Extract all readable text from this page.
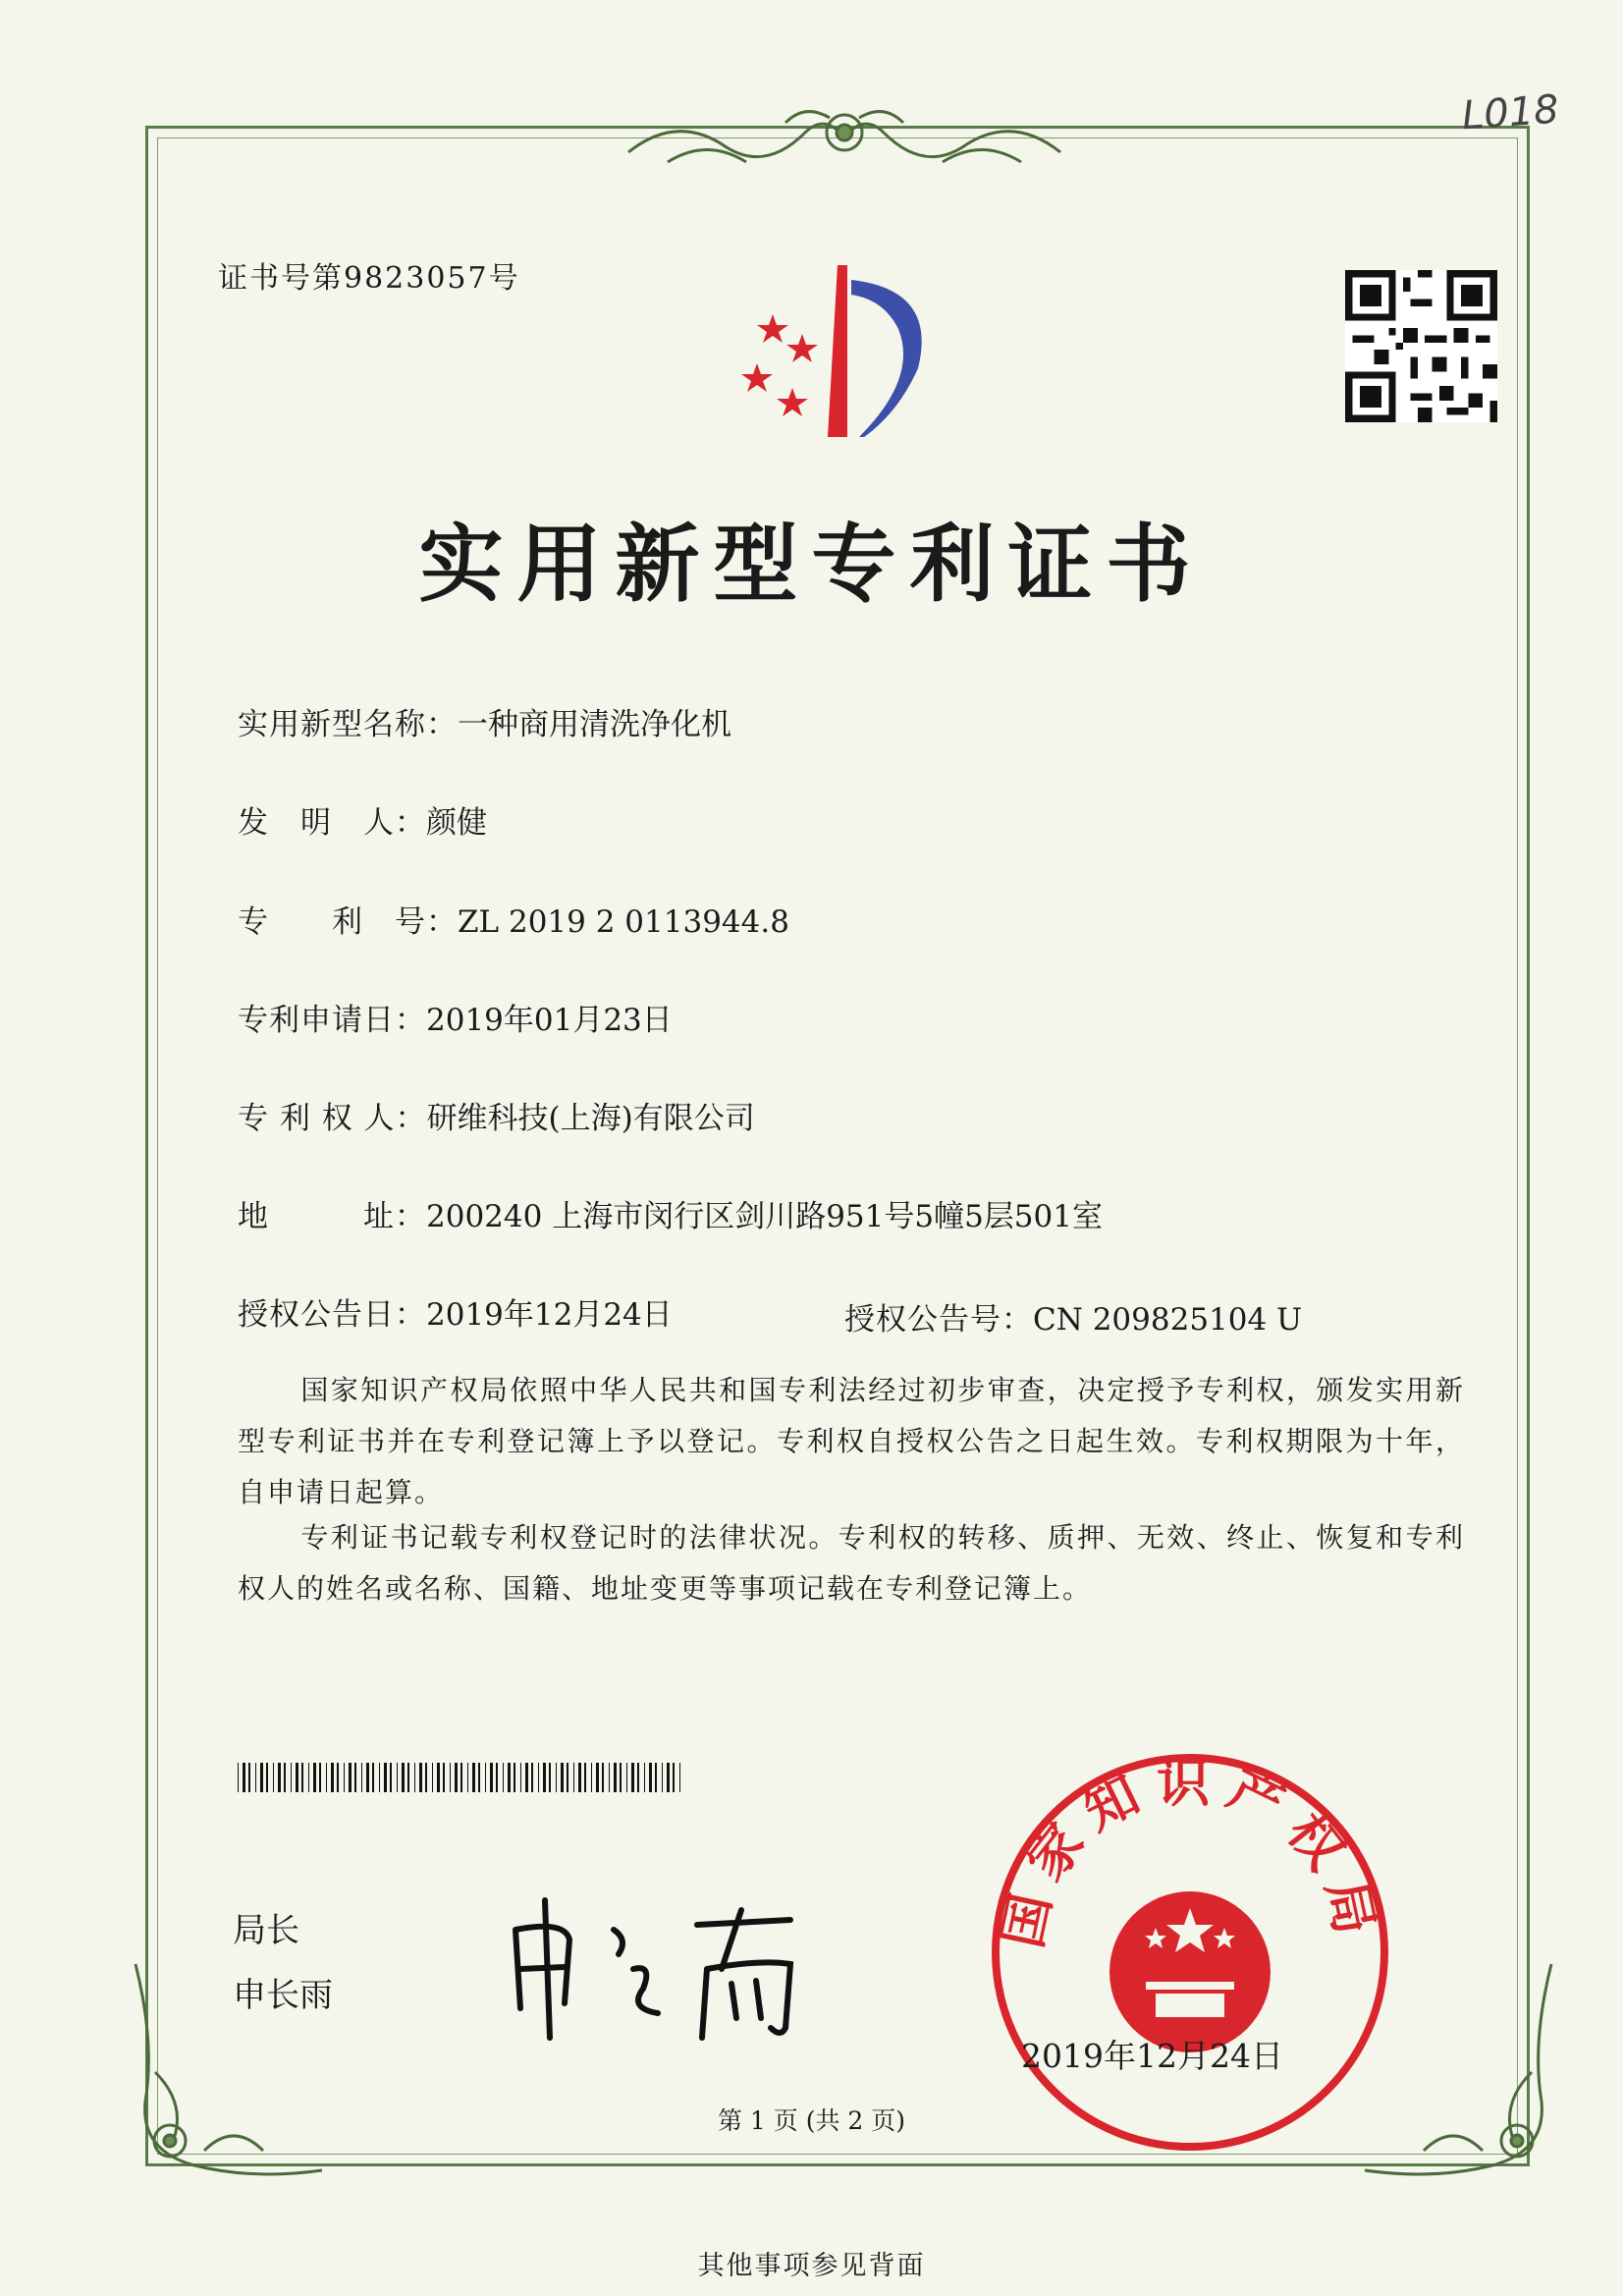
L018
证书号第9823057号
实用新型专利证书
实用新型名称：一种商用清洗净化机
发　明　人：颜健
专　　利　号：ZL 2019 2 0113944.8
专利申请日：2019年01月23日
专 利 权 人：研维科技(上海)有限公司
地　　　址：200240 上海市闵行区剑川路951号5幢5层501室
授权公告日：2019年12月24日	授权公告号：CN 209825104 U
国家知识产权局依照中华人民共和国专利法经过初步审查，决定授予专利权，颁发实用新型专利证书并在专利登记簿上予以登记。专利权自授权公告之日起生效。专利权期限为十年，自申请日起算。
专利证书记载专利权登记时的法律状况。专利权的转移、质押、无效、终止、恢复和专利权人的姓名或名称、国籍、地址变更等事项记载在专利登记簿上。
局长
申长雨
国家知识产权局
2019年12月24日
第 1 页 (共 2 页)
其他事项参见背面
